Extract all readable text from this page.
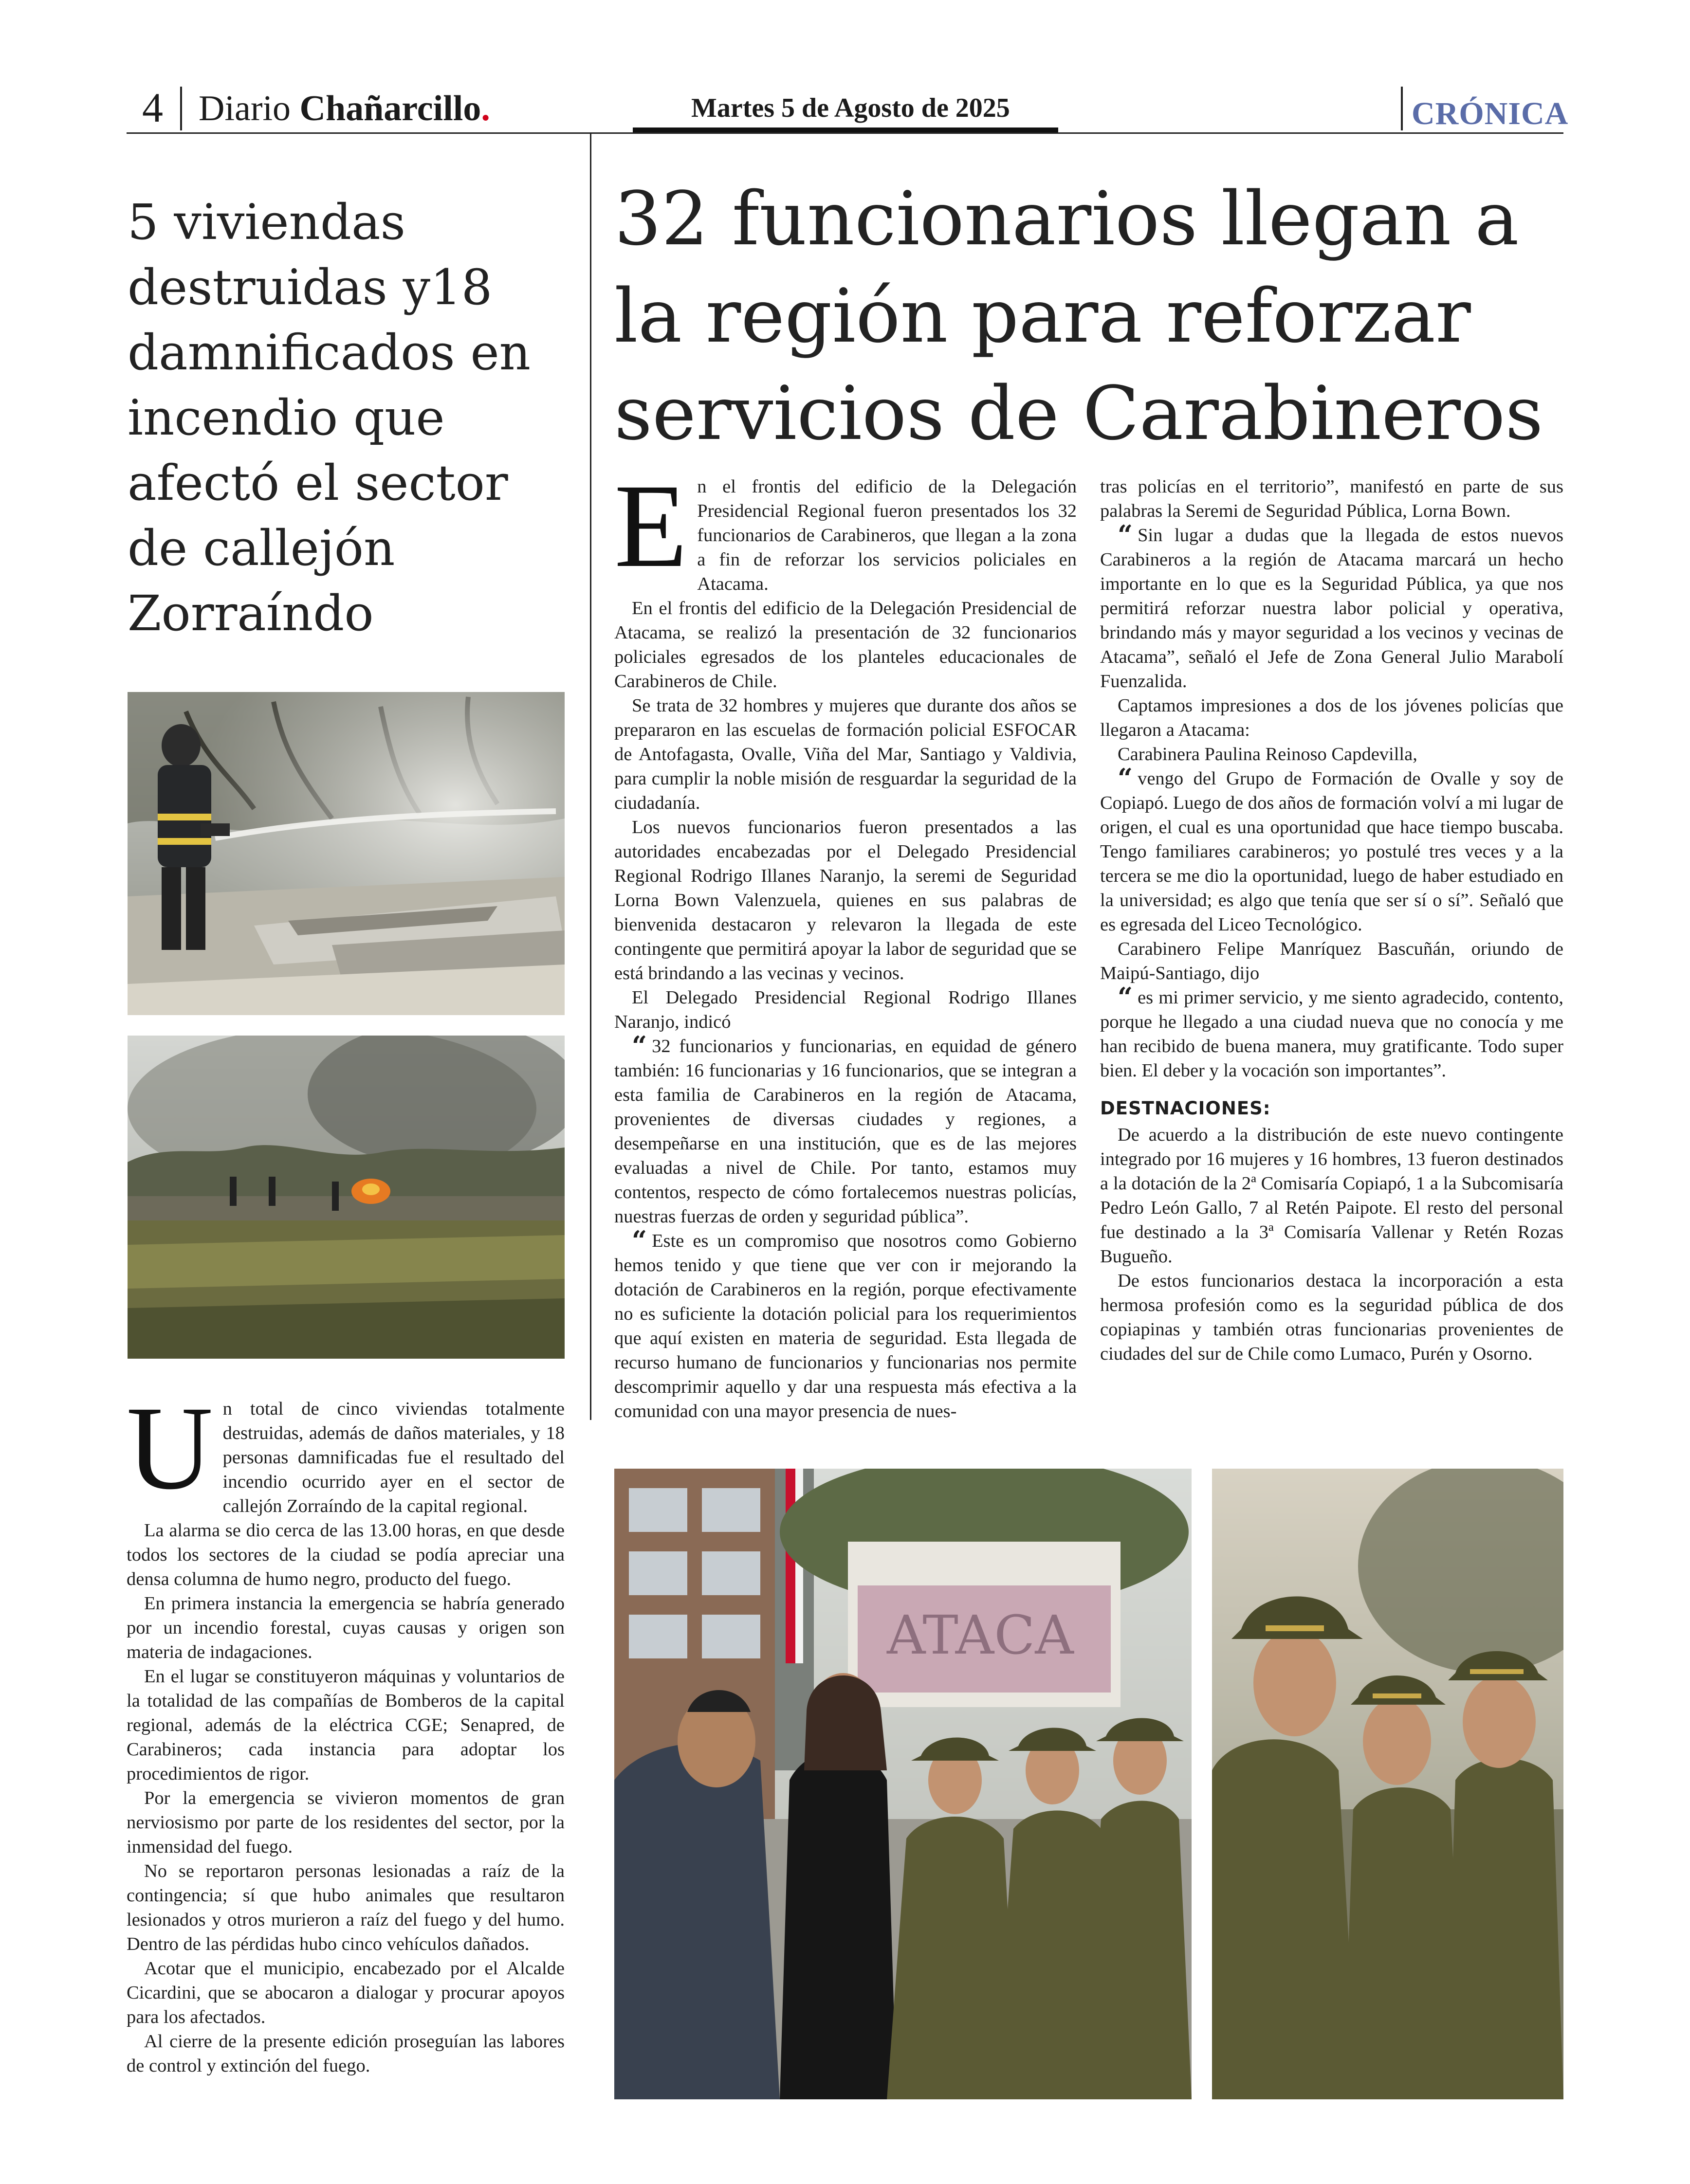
4 Diario Chañarcillo.	Martes 5 de Agosto de 2025	CRÓNICA
5 viviendas destruidas y18 damnificados en incendio que afectó el sector de callejón Zorraíndo

Un total de cinco viviendas totalmente destruidas, además de daños materiales, y 18 personas damnificadas fue el resultado del incendio ocurrido ayer en el sector de callejón Zorraíndo de la capital regional.

La alarma se dio cerca de las 13.00 horas, en que desde todos los sectores de la ciudad se podía apreciar una densa columna de humo negro, producto del fuego.

En primera instancia la emergencia se habría generado por un incendio forestal, cuyas causas y origen son materia de indagaciones.

En el lugar se constituyeron máquinas y voluntarios de la totalidad de las compañías de Bomberos de la capital regional, además de la eléctrica CGE; Senapred, de Carabineros; cada instancia para adoptar los procedimientos de rigor.

Por la emergencia se vivieron momentos de gran nerviosismo por parte de los residentes del sector, por la inmensidad del fuego.

No se reportaron personas lesionadas a raíz de la contingencia; sí que hubo animales que resultaron lesionados y otros murieron a raíz del fuego y del humo. Dentro de las pérdidas hubo cinco vehículos dañados.

Acotar que el municipio, encabezado por el Alcalde Cicardini, que se abocaron a dialogar y procurar apoyos para los afectados.

Al cierre de la presente edición proseguían las labores de control y extinción del fuego.

32 funcionarios llegan a la región para reforzar servicios de Carabineros

En el frontis del edificio de la Delegación Presidencial Regional fueron presentados los 32 funcionarios de Carabineros, que llegan a la zona a fin de reforzar los servicios policiales en Atacama.

En el frontis del edificio de la Delegación Presidencial de Atacama, se realizó la presentación de 32 funcionarios policiales egresados de los planteles educacionales de Carabineros de Chile.

Se trata de 32 hombres y mujeres que durante dos años se prepararon en las escuelas de formación policial ESFOCAR de Antofagasta, Ovalle, Viña del Mar, Santiago y Valdivia, para cumplir la noble misión de resguardar la seguridad de la ciudadanía.

Los nuevos funcionarios fueron presentados a las autoridades encabezadas por el Delegado Presidencial Regional Rodrigo Illanes Naranjo, la seremi de Seguridad Lorna Bown Valenzuela, quienes en sus palabras de bienvenida destacaron y relevaron la llegada de este contingente que permitirá apoyar la labor de seguridad que se está brindando a las vecinas y vecinos.

El Delegado Presidencial Regional Rodrigo Illanes Naranjo, indicó

“ 32 funcionarios y funcionarias, en equidad de género también: 16 funcionarias y 16 funcionarios, que se integran a esta familia de Carabineros en la región de Atacama, provenientes de diversas ciudades y regiones, a desempeñarse en una institución, que es de las mejores evaluadas a nivel de Chile. Por tanto, estamos muy contentos, respecto de cómo fortalecemos nuestras policías, nuestras fuerzas de orden y seguridad pública”.

“ Este es un compromiso que nosotros como Gobierno hemos tenido y que tiene que ver con ir mejorando la dotación de Carabineros en la región, porque efectivamente no es suficiente la dotación policial para los requerimientos que aquí existen en materia de seguridad. Esta llegada de recurso humano de funcionarios y funcionarias nos permite descomprimir aquello y dar una respuesta más efectiva a la comunidad con una mayor presencia de nues-

tras policías en el territorio”, manifestó en parte de sus palabras la Seremi de Seguridad Pública, Lorna Bown.

“ Sin lugar a dudas que la llegada de estos nuevos Carabineros a la región de Atacama marcará un hecho importante en lo que es la Seguridad Pública, ya que nos permitirá reforzar nuestra labor policial y operativa, brindando más y mayor seguridad a los vecinos y vecinas de Atacama”, señaló el Jefe de Zona General Julio Marabolí Fuenzalida.

Captamos impresiones a dos de los jóvenes policías que llegaron a Atacama:

Carabinera Paulina Reinoso Capdevilla,

“ vengo del Grupo de Formación de Ovalle y soy de Copiapó. Luego de dos años de formación volví a mi lugar de origen, el cual es una oportunidad que hace tiempo buscaba. Tengo familiares carabineros; yo postulé tres veces y a la tercera se me dio la oportunidad, luego de haber estudiado en la universidad; es algo que tenía que ser sí o sí”. Señaló que es egresada del Liceo Tecnológico.

Carabinero Felipe Manríquez Bascuñán, oriundo de Maipú-Santiago, dijo

“ es mi primer servicio, y me siento agradecido, contento, porque he llegado a una ciudad nueva que no conocía y me han recibido de buena manera, muy gratificante. Todo super bien. El deber y la vocación son importantes”.

DESTNACIONES:

De acuerdo a la distribución de este nuevo contingente integrado por 16 mujeres y 16 hombres, 13 fueron destinados a la dotación de la 2ª Comisaría Copiapó, 1 a la Subcomisaría Pedro León Gallo, 7 al Retén Paipote. El resto del personal fue destinado a la 3ª Comisaría Vallenar y Retén Rozas Bugueño.

De estos funcionarios destaca la incorporación a esta hermosa profesión como es la seguridad pública de dos copiapinas y también otras funcionarias provenientes de ciudades del sur de Chile como Lumaco, Purén y Osorno.

ATACA
